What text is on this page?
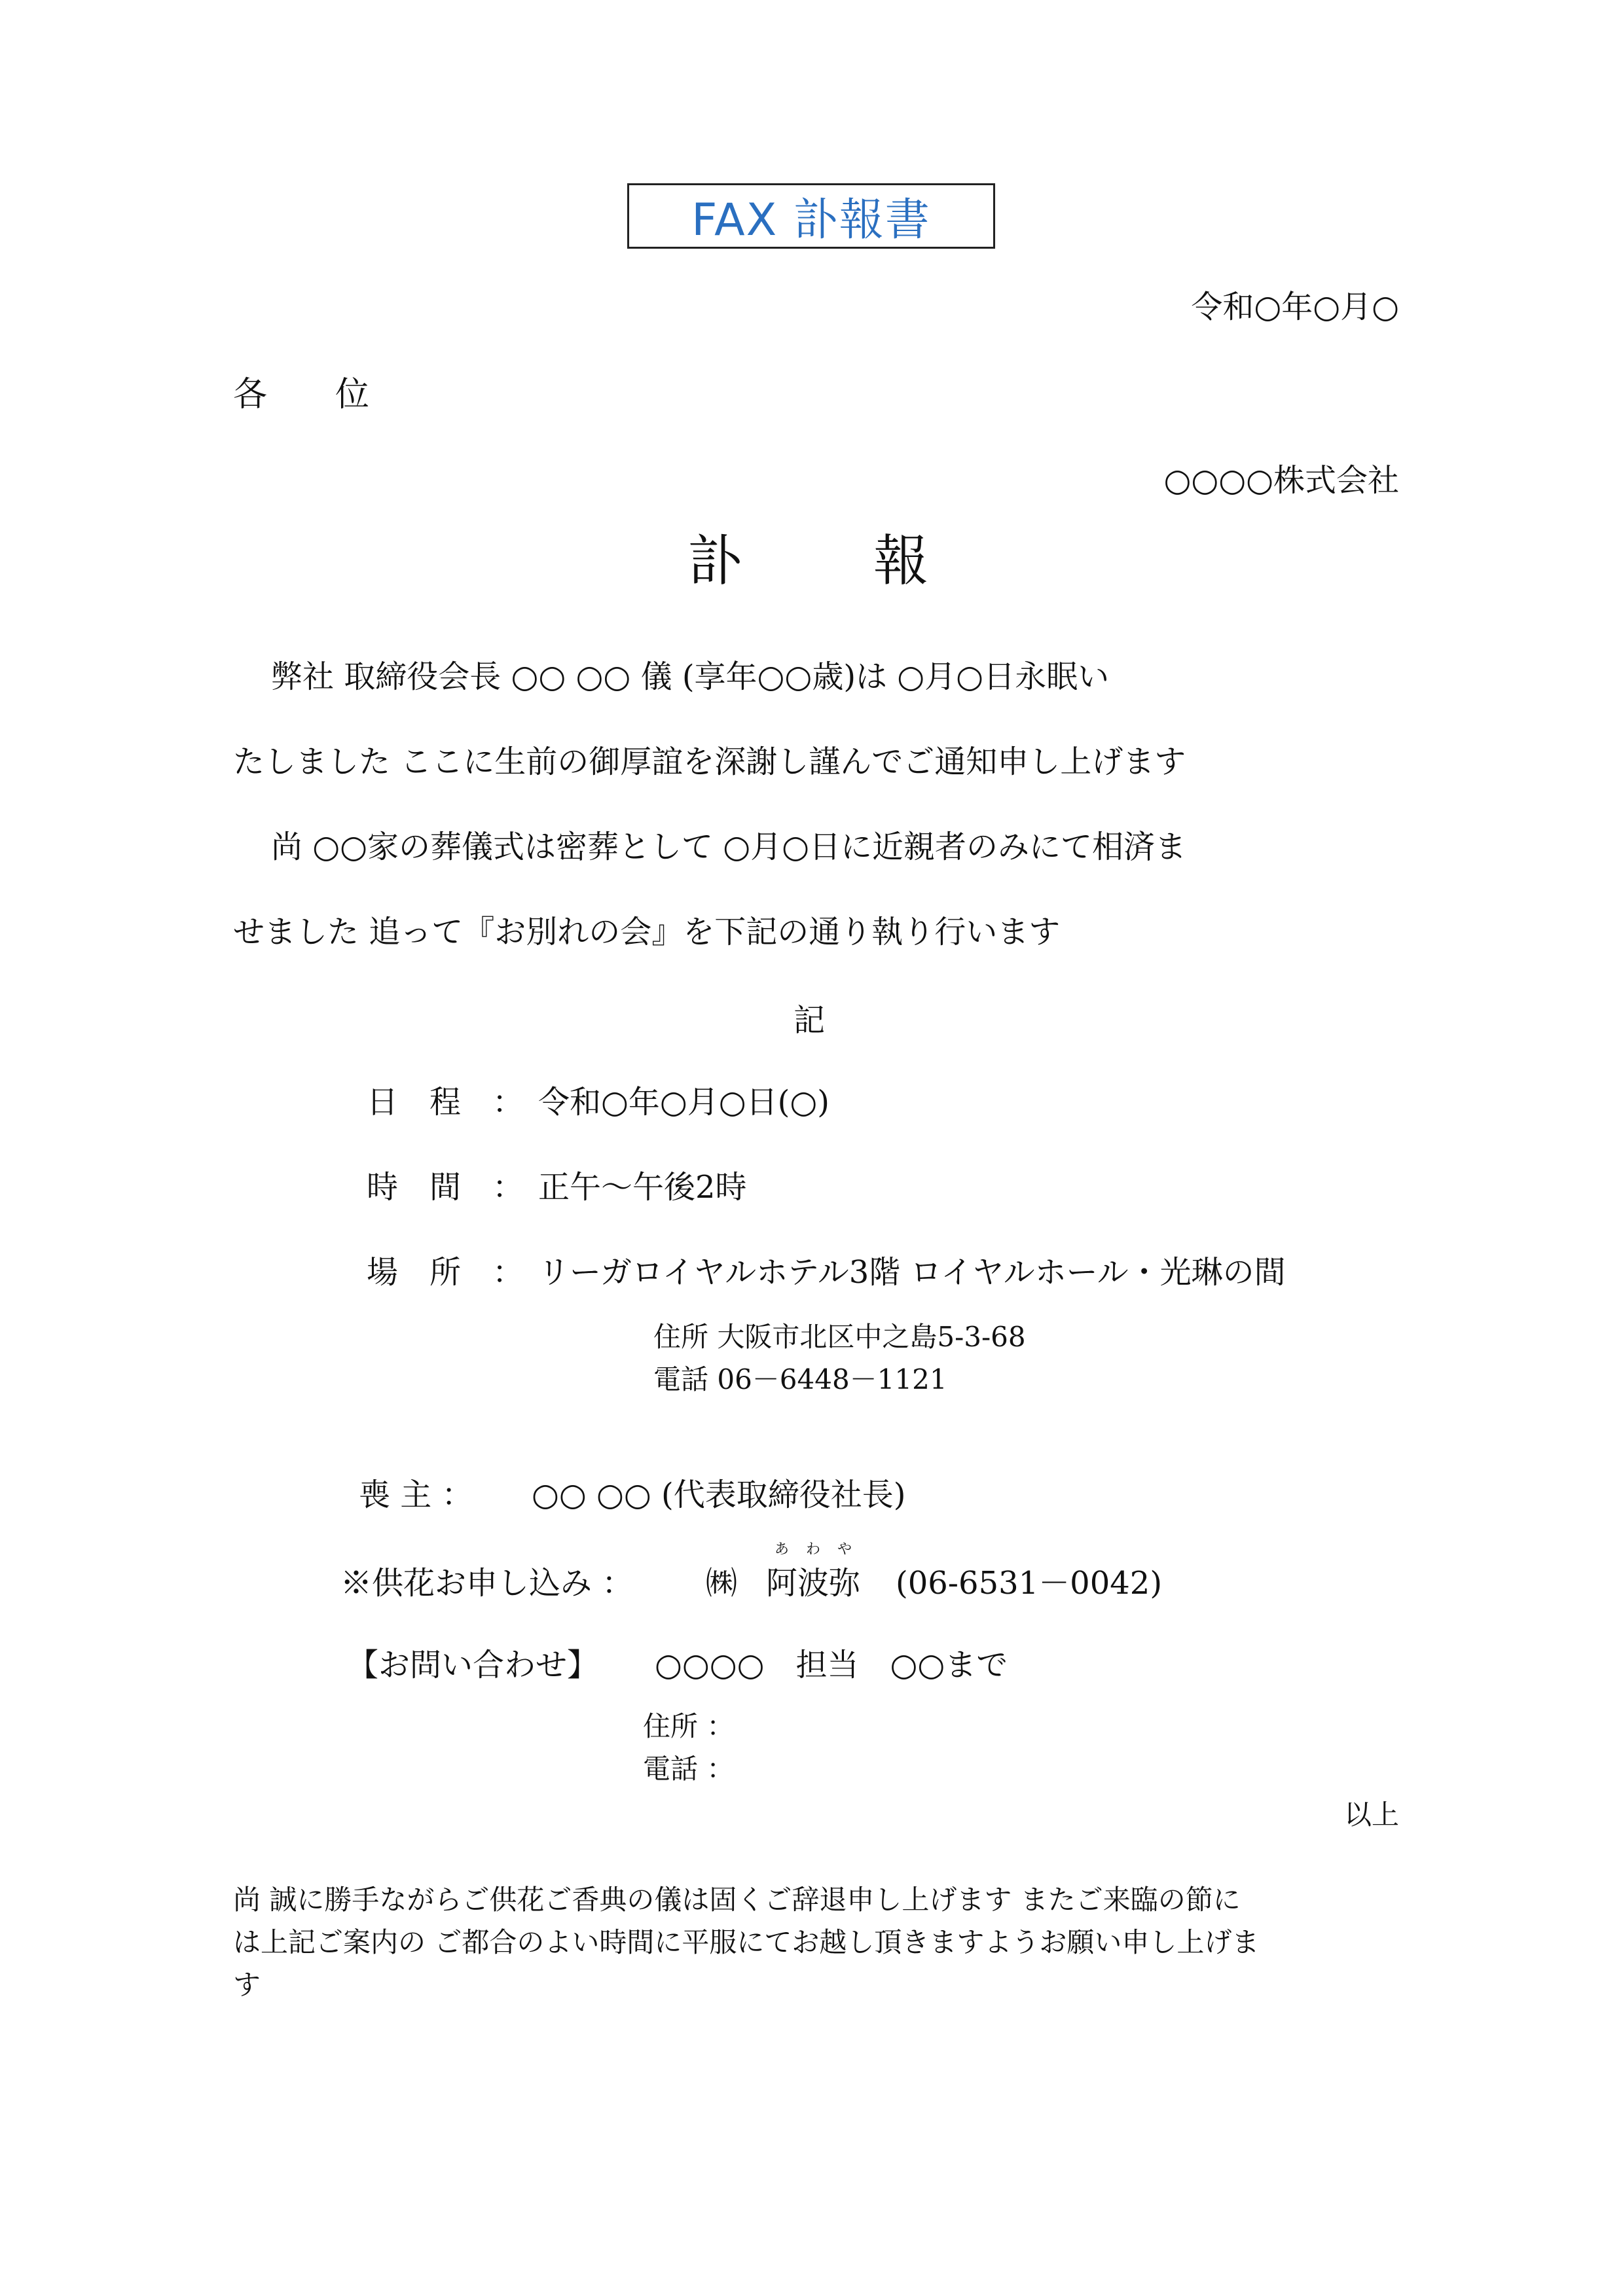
FAX 訃報書
令和○年○月○
各　　位
○○○○株式会社
訃報
弊社 取締役会長 ○○ ○○ 儀 (享年○○歳)は ○月○日永眠い
たしました ここに生前の御厚誼を深謝し謹んでご通知申し上げます
尚 ○○家の葬儀式は密葬として ○月○日に近親者のみにて相済ま
せました 追って『お別れの会』を下記の通り執り行います
記
日　程 ： 令和○年○月○日(○)
時　間 ： 正午～午後2時
場　所 ： リーガロイヤルホテル3階 ロイヤルホール・光琳の間
住所 大阪市北区中之島5-3-68
電話 06－6448－1121
喪 主 ： ○○ ○○ (代表取締役社長)
※供花お申し込み ： ㈱
あ わ や
阿波弥 (06-6531－0042)
【お問い合わせ】 ○○○○　担当　○○まで
住所 ：
電話 ：
以上
尚 誠に勝手ながらご供花ご香典の儀は固くご辞退申し上げます またご来臨の節に
は上記ご案内の ご都合のよい時間に平服にてお越し頂きますようお願い申し上げま
す
